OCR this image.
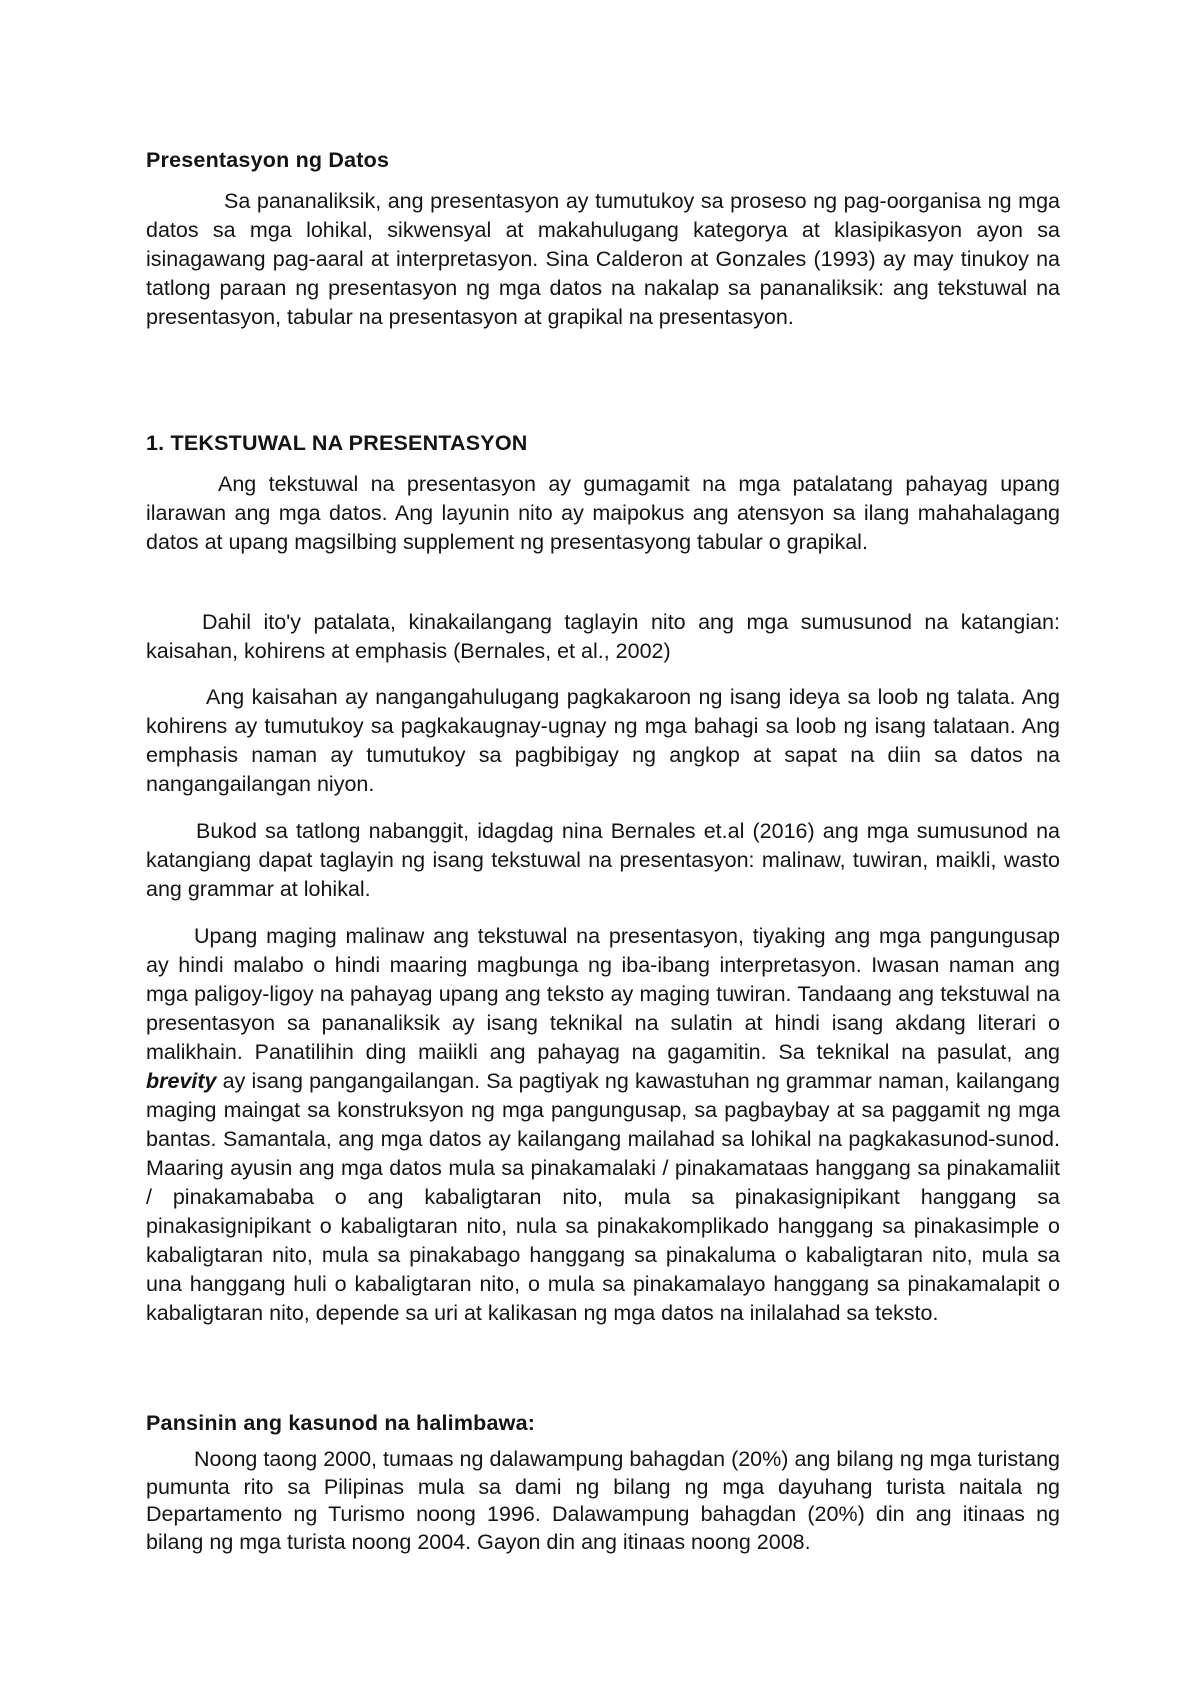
Presentasyon ng Datos

Sa pananaliksik, ang presentasyon ay tumutukoy sa proseso ng pag-oorganisa ng mga datos sa mga lohikal, sikwensyal at makahulugang kategorya at klasipikasyon ayon sa isinagawang pag-aaral at interpretasyon. Sina Calderon at Gonzales (1993) ay may tinukoy na tatlong paraan ng presentasyon ng mga datos na nakalap sa pananaliksik: ang tekstuwal na presentasyon, tabular na presentasyon at grapikal na presentasyon.

1. TEKSTUWAL NA PRESENTASYON

Ang tekstuwal na presentasyon ay gumagamit na mga patalatang pahayag upang ilarawan ang mga datos. Ang layunin nito ay maipokus ang atensyon sa ilang mahahalagang datos at upang magsilbing supplement ng presentasyong tabular o grapikal.

Dahil ito'y patalata, kinakailangang taglayin nito ang mga sumusunod na katangian: kaisahan, kohirens at emphasis (Bernales, et al., 2002)

Ang kaisahan ay nangangahulugang pagkakaroon ng isang ideya sa loob ng talata. Ang kohirens ay tumutukoy sa pagkakaugnay-ugnay ng mga bahagi sa loob ng isang talataan. Ang emphasis naman ay tumutukoy sa pagbibigay ng angkop at sapat na diin sa datos na nangangailangan niyon.

Bukod sa tatlong nabanggit, idagdag nina Bernales et.al (2016) ang mga sumusunod na katangiang dapat taglayin ng isang tekstuwal na presentasyon: malinaw, tuwiran, maikli, wasto ang grammar at lohikal.

Upang maging malinaw ang tekstuwal na presentasyon, tiyaking ang mga pangungusap ay hindi malabo o hindi maaring magbunga ng iba-ibang interpretasyon. Iwasan naman ang mga paligoy-ligoy na pahayag upang ang teksto ay maging tuwiran. Tandaang ang tekstuwal na presentasyon sa pananaliksik ay isang teknikal na sulatin at hindi isang akdang literari o malikhain. Panatilihin ding maiikli ang pahayag na gagamitin. Sa teknikal na pasulat, ang brevity ay isang pangangailangan. Sa pagtiyak ng kawastuhan ng grammar naman, kailangang maging maingat sa konstruksyon ng mga pangungusap, sa pagbaybay at sa paggamit ng mga bantas. Samantala, ang mga datos ay kailangang mailahad sa lohikal na pagkakasunod-sunod. Maaring ayusin ang mga datos mula sa pinakamalaki / pinakamataas hanggang sa pinakamaliit / pinakamababa o ang kabaligtaran nito, mula sa pinakasignipikant hanggang sa pinakasignipikant o kabaligtaran nito, nula sa pinakakomplikado hanggang sa pinakasimple o kabaligtaran nito, mula sa pinakabago hanggang sa pinakaluma o kabaligtaran nito, mula sa una hanggang huli o kabaligtaran nito, o mula sa pinakamalayo hanggang sa pinakamalapit o kabaligtaran nito, depende sa uri at kalikasan ng mga datos na inilalahad sa teksto.

Pansinin ang kasunod na halimbawa:

Noong taong 2000, tumaas ng dalawampung bahagdan (20%) ang bilang ng mga turistang pumunta rito sa Pilipinas mula sa dami ng bilang ng mga dayuhang turista naitala ng Departamento ng Turismo noong 1996. Dalawampung bahagdan (20%) din ang itinaas ng bilang ng mga turista noong 2004. Gayon din ang itinaas noong 2008.
